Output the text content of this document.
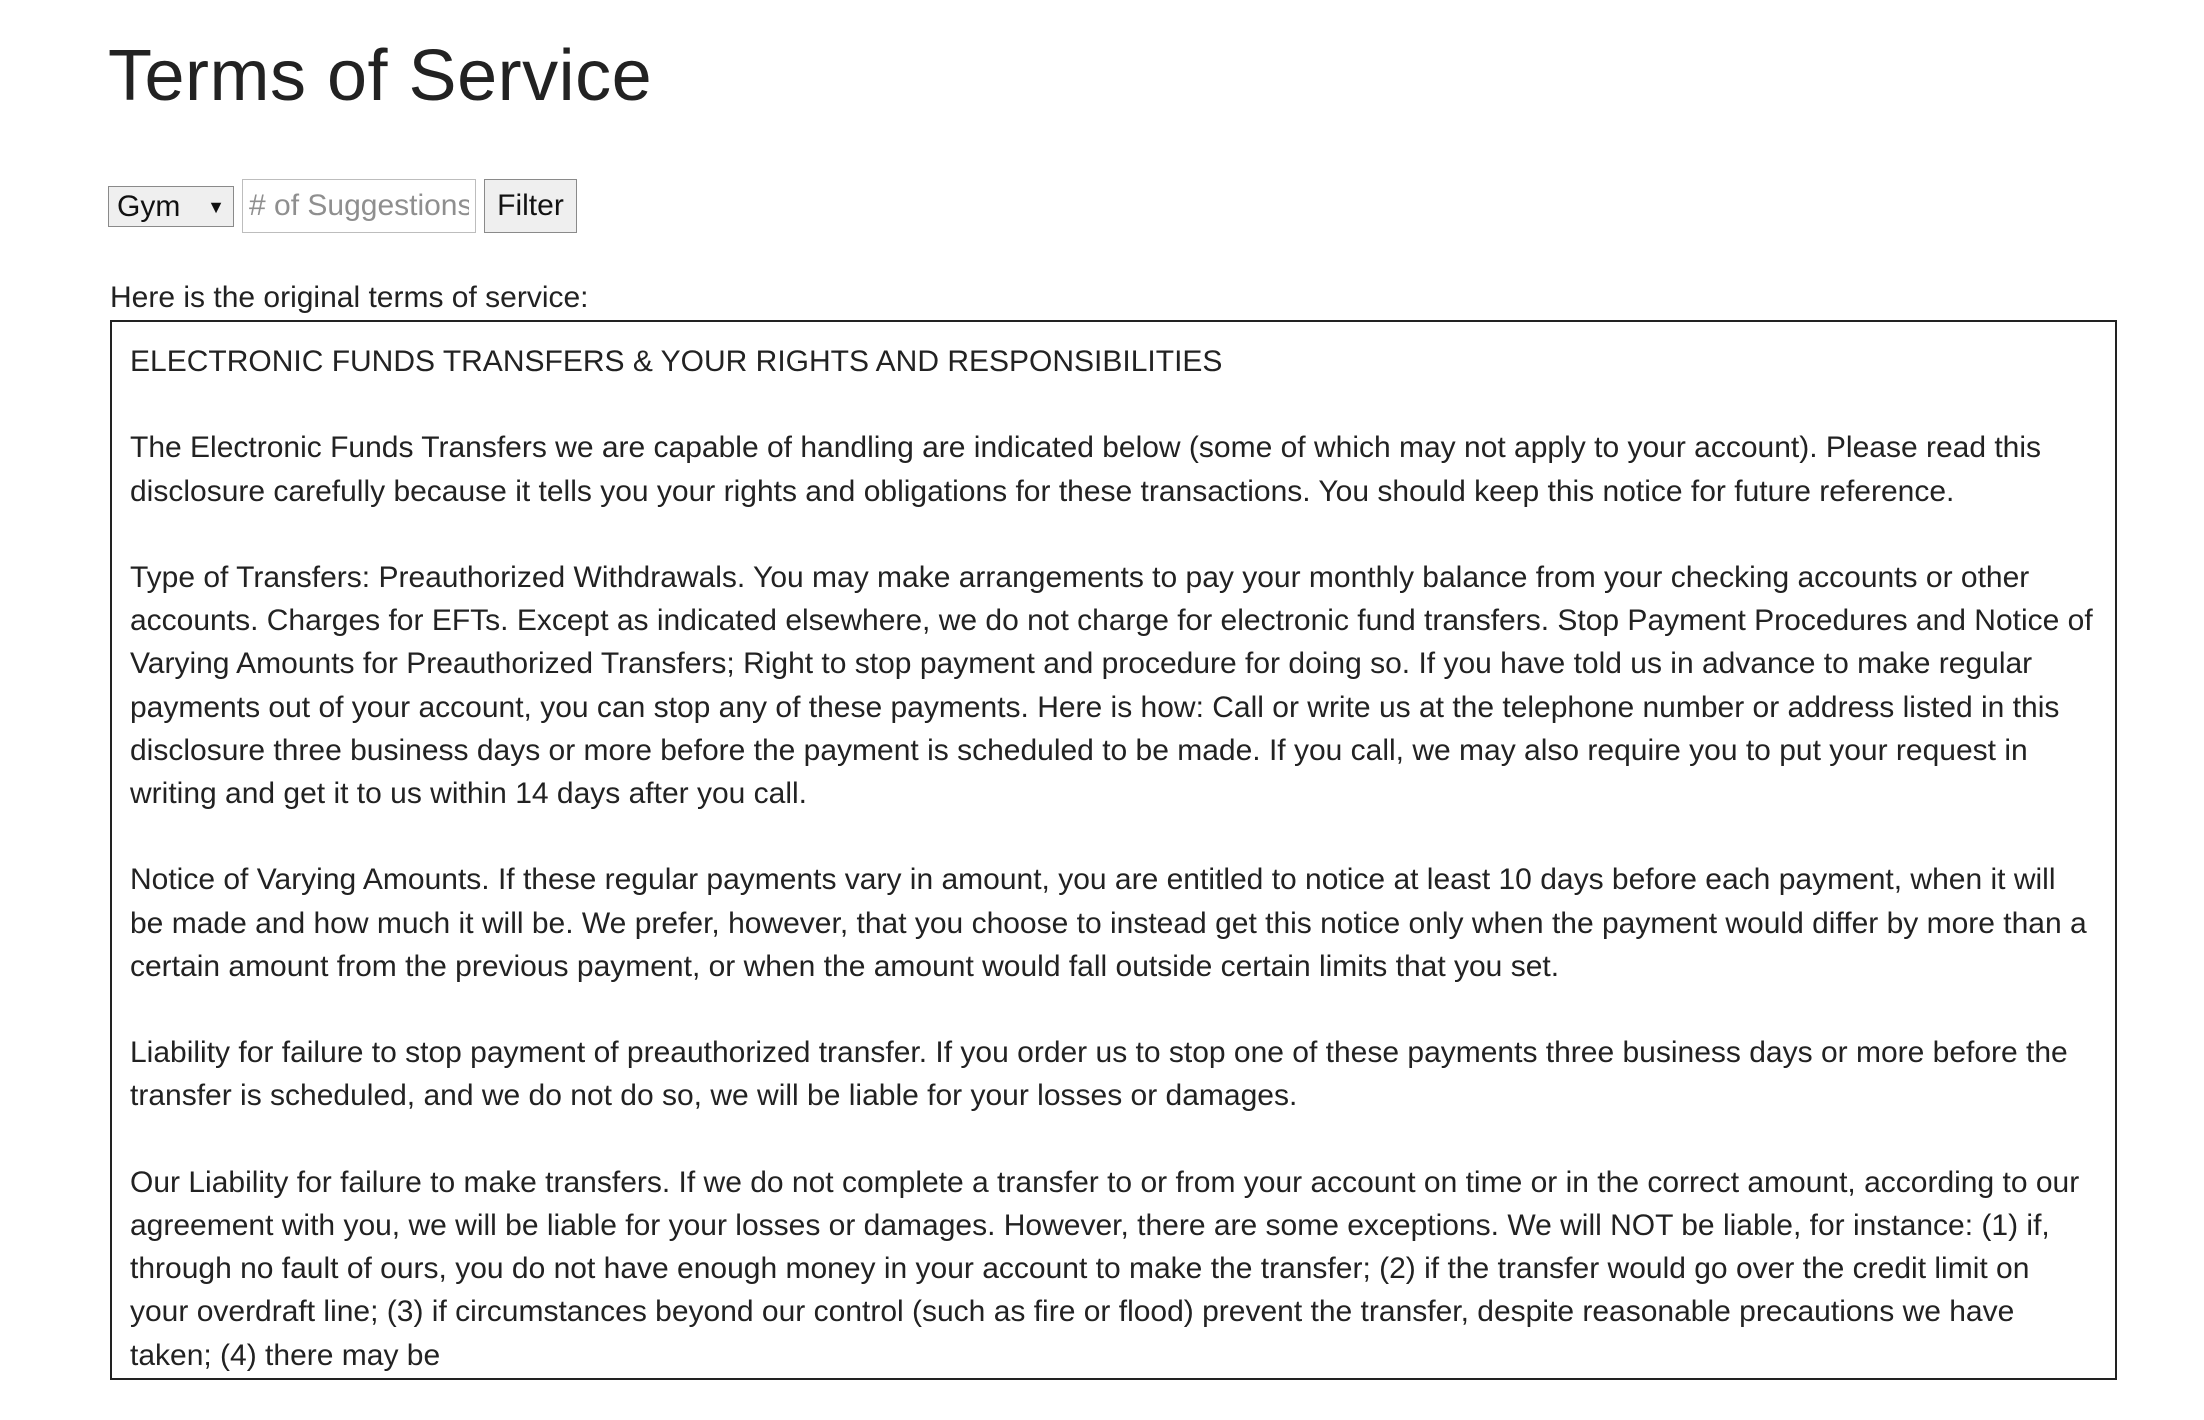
Terms of Service
Gym ▼
# of Suggestions	Filter

Here is the original terms of service:

ELECTRONIC FUNDS TRANSFERS & YOUR RIGHTS AND RESPONSIBILITIES

The Electronic Funds Transfers we are capable of handling are indicated below (some of which may not apply to your account). Please read this disclosure carefully because it tells you your rights and obligations for these transactions. You should keep this notice for future reference.

Type of Transfers: Preauthorized Withdrawals. You may make arrangements to pay your monthly balance from your checking accounts or other accounts. Charges for EFTs. Except as indicated elsewhere, we do not charge for electronic fund transfers. Stop Payment Procedures and Notice of Varying Amounts for Preauthorized Transfers; Right to stop payment and procedure for doing so. If you have told us in advance to make regular payments out of your account, you can stop any of these payments. Here is how: Call or write us at the telephone number or address listed in this disclosure three business days or more before the payment is scheduled to be made. If you call, we may also require you to put your request in writing and get it to us within 14 days after you call.

Notice of Varying Amounts. If these regular payments vary in amount, you are entitled to notice at least 10 days before each payment, when it will be made and how much it will be. We prefer, however, that you choose to instead get this notice only when the payment would differ by more than a certain amount from the previous payment, or when the amount would fall outside certain limits that you set.

Liability for failure to stop payment of preauthorized transfer. If you order us to stop one of these payments three business days or more before the transfer is scheduled, and we do not do so, we will be liable for your losses or damages.

Our Liability for failure to make transfers. If we do not complete a transfer to or from your account on time or in the correct amount, according to our agreement with you, we will be liable for your losses or damages. However, there are some exceptions. We will NOT be liable, for instance: (1) if, through no fault of ours, you do not have enough money in your account to make the transfer; (2) if the transfer would go over the credit limit on your overdraft line; (3) if circumstances beyond our control (such as fire or flood) prevent the transfer, despite reasonable precautions we have taken; (4) there may be
